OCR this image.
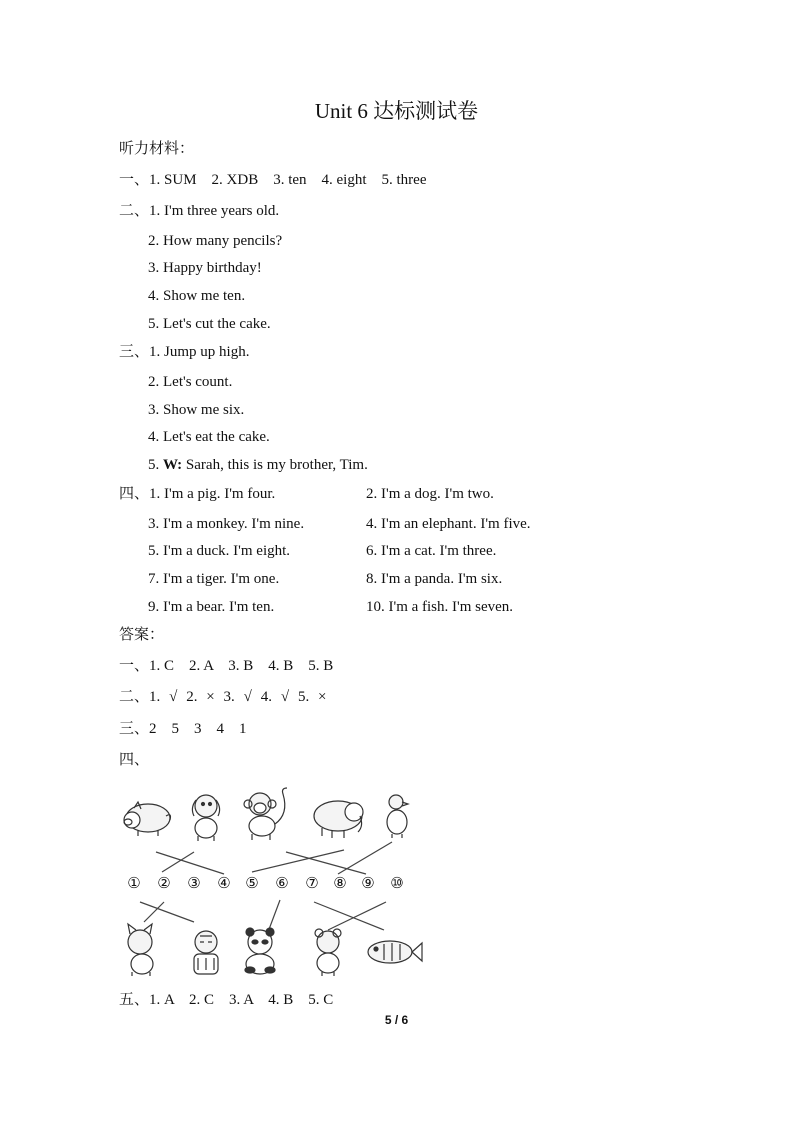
Unit 6 达标测试卷
听力材料：
一、1. SUM    2. XDB    3. ten    4. eight    5. three
二、1. I'm three years old.
2. How many pencils?
3. Happy birthday!
4. Show me ten.
5. Let's cut the cake.
三、1. Jump up high.
2. Let's count.
3. Show me six.
4. Let's eat the cake.
5. W: Sarah, this is my brother, Tim.
四、1. I'm a pig. I'm four.	2. I'm a dog. I'm two.
3. I'm a monkey. I'm nine.	4. I'm an elephant. I'm five.
5. I'm a duck. I'm eight.	6. I'm a cat. I'm three.
7. I'm a tiger. I'm one.	8. I'm a panda. I'm six.
9. I'm a bear. I'm ten.	10. I'm a fish. I'm seven.
答案：
一、1. C    2. A    3. B    4. B    5. B
二、1. √ 2. × 3. √ 4. √ 5. ×
三、2    5    3    4    1
四、
① ② ③ ④ ⑤ ⑥ ⑦ ⑧ ⑨ ⑩
五、1. A    2. C    3. A    4. B    5. C
5 / 6
